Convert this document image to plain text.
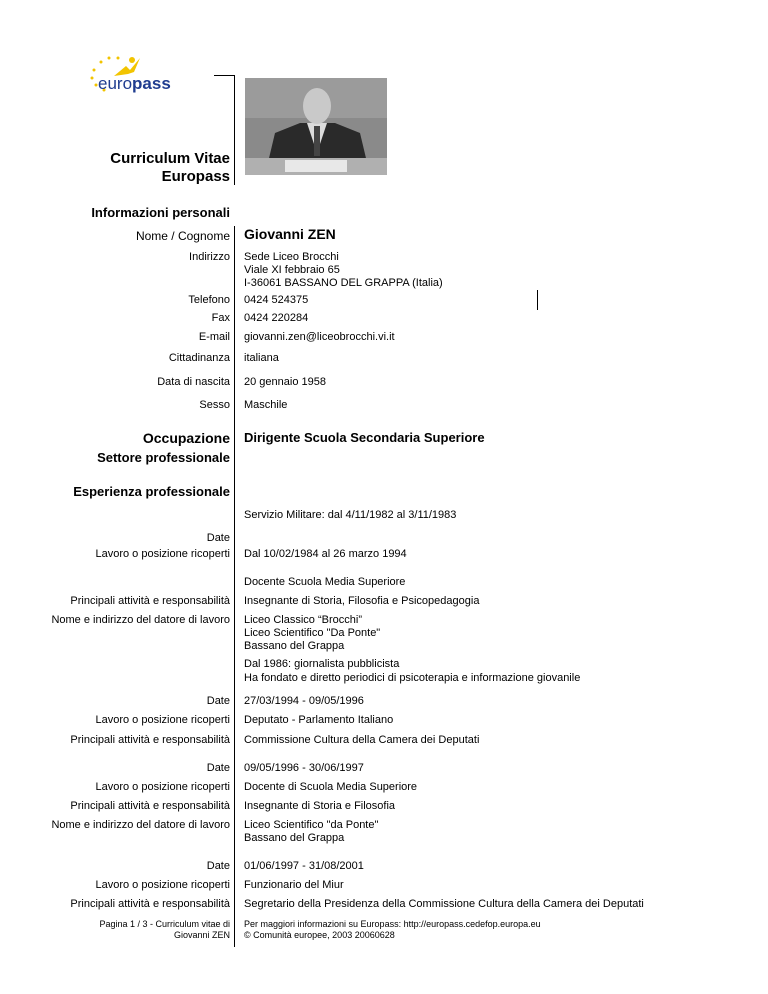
europass
Curriculum Vitae
Europass
Informazioni personali
Nome / Cognome Giovanni ZEN
Indirizzo Sede Liceo Brocchi
Viale XI febbraio 65
I-36061 BASSANO DEL GRAPPA (Italia)
Telefono 0424 524375
Fax 0424 220284
E-mail giovanni.zen@liceobrocchi.vi.it
Cittadinanza italiana
Data di nascita 20 gennaio 1958
Sesso Maschile
Occupazione
Settore professionale
Dirigente Scuola Secondaria Superiore
Esperienza professionale
Servizio Militare: dal 4/11/1982 al 3/11/1983
Date
Lavoro o posizione ricoperti Dal 10/02/1984 al 26 marzo 1994
Docente Scuola Media Superiore
Principali attività e responsabilità Insegnante di Storia, Filosofia e Psicopedagogia
Nome e indirizzo del datore di lavoro Liceo Classico “Brocchi”
Liceo Scientifico "Da Ponte"
Bassano del Grappa
Dal 1986: giornalista pubblicista
Ha fondato e diretto periodici di psicoterapia e informazione giovanile
Date 27/03/1994 - 09/05/1996
Lavoro o posizione ricoperti Deputato - Parlamento Italiano
Principali attività e responsabilità Commissione Cultura della Camera dei Deputati
Date 09/05/1996 - 30/06/1997
Lavoro o posizione ricoperti Docente di Scuola Media Superiore
Principali attività e responsabilità Insegnante di Storia e Filosofia
Nome e indirizzo del datore di lavoro Liceo Scientifico "da Ponte"
Bassano del Grappa
Date 01/06/1997 - 31/08/2001
Lavoro o posizione ricoperti Funzionario del Miur
Principali attività e responsabilità Segretario della Presidenza della Commissione Cultura della Camera dei Deputati
Pagina 1 / 3 - Curriculum vitae di
Giovanni ZEN
Per maggiori informazioni su Europass: http://europass.cedefop.europa.eu
© Comunità europee, 2003 20060628
